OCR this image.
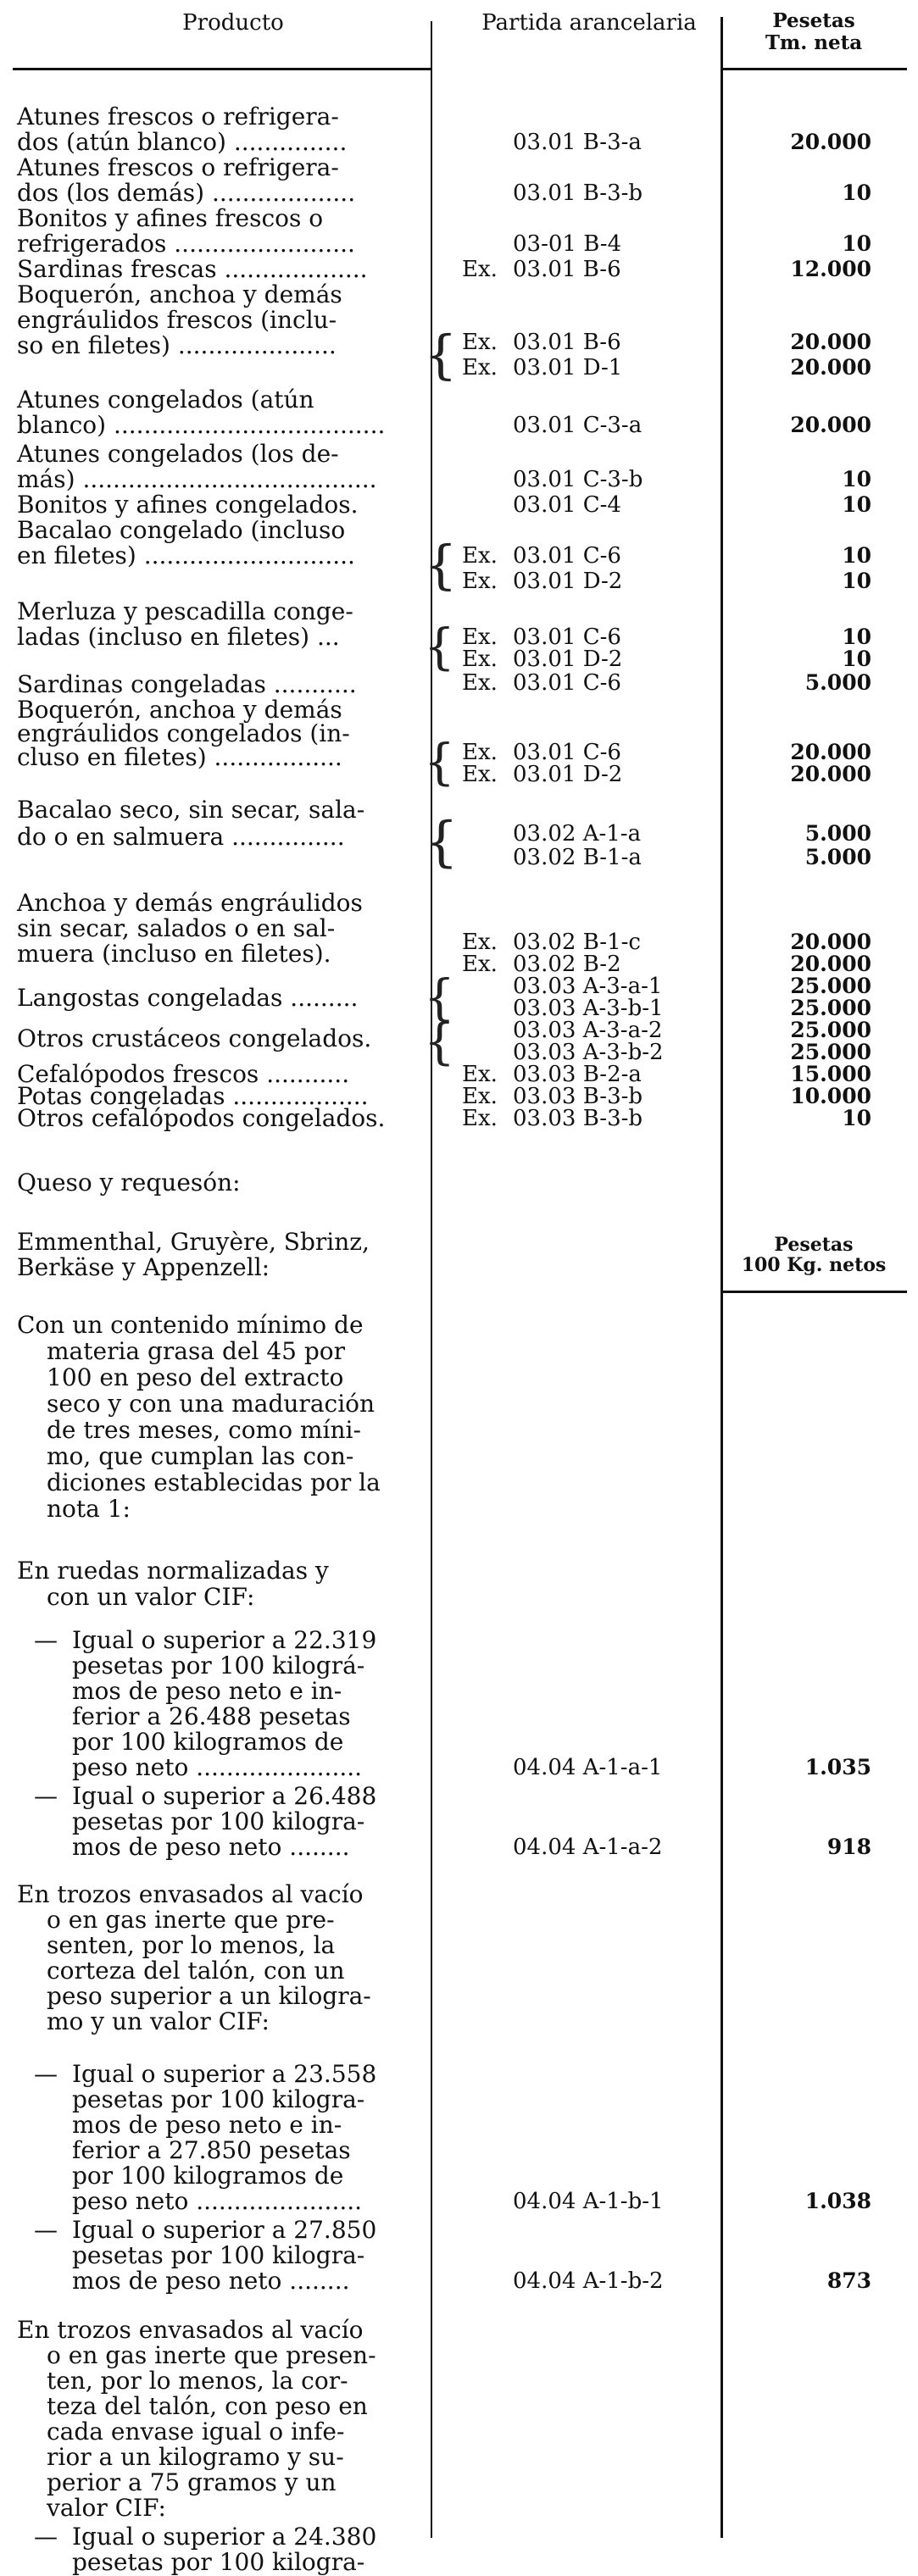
Producto	Partida arancelaria	Pesetas
Tm. neta
Atunes frescos o refrigera-
dos (atún blanco) ...............	03.01 B-3-a	20.000
Atunes frescos o refrigera-
dos (los demás) ...................	03.01 B-3-b	10
Bonitos y afines frescos o
refrigerados ........................	03-01 B-4	10
Sardinas frescas ...................	Ex. 03.01 B-6	12.000
Boquerón, anchoa y demás
engráulidos frescos (inclu-
so en filetes) .....................	Ex. 03.01 B-6	20.000
Ex. 03.01 D-1	20.000
{
Atunes congelados (atún
blanco) ....................................	03.01 C-3-a	20.000
Atunes congelados (los de-
más) .......................................	03.01 C-3-b	10
Bonitos y afines congelados.	03.01 C-4	10
Bacalao congelado (incluso
en filetes) ............................	Ex. 03.01 C-6	10
Ex. 03.01 D-2	10
{
Merluza y pescadilla conge-
ladas (incluso en filetes) ...	Ex. 03.01 C-6	10
Ex. 03.01 D-2	10
{
Sardinas congeladas ...........	Ex. 03.01 C-6	5.000
Boquerón, anchoa y demás
engráulidos congelados (in-
cluso en filetes) .................	Ex. 03.01 C-6	20.000
Ex. 03.01 D-2	20.000
{
Bacalao seco, sin secar, sala-
do o en salmuera ...............	03.02 A-1-a	5.000
03.02 B-1-a	5.000
{
Anchoa y demás engráulidos
sin secar, salados o en sal-
muera (incluso en filetes).	Ex. 03.02 B-1-c	20.000
Ex. 03.02 B-2	20.000
Langostas congeladas .........	03.03 A-3-a-1	25.000
03.03 A-3-b-1	25.000
{
Otros crustáceos congelados.	03.03 A-3-a-2	25.000
03.03 A-3-b-2	25.000
{
Cefalópodos frescos ...........	Ex. 03.03 B-2-a	15.000
Potas congeladas ..................	Ex. 03.03 B-3-b	10.000
Otros cefalópodos congelados.	Ex. 03.03 B-3-b	10
Queso y requesón:
Emmenthal, Gruyère, Sbrinz,
Berkäse y Appenzell:
Pesetas
100 Kg. netos
Con un contenido mínimo de
materia grasa del 45 por
100 en peso del extracto
seco y con una maduración
de tres meses, como míni-
mo, que cumplan las con-
diciones establecidas por la
nota 1:
En ruedas normalizadas y
con un valor CIF:
— Igual o superior a 22.319
pesetas por 100 kilográ-
mos de peso neto e in-
ferior a 26.488 pesetas
por 100 kilogramos de
peso neto ......................	04.04 A-1-a-1	1.035
— Igual o superior a 26.488
pesetas por 100 kilogra-
mos de peso neto ........	04.04 A-1-a-2	918
En trozos envasados al vacío
o en gas inerte que pre-
senten, por lo menos, la
corteza del talón, con un
peso superior a un kilogra-
mo y un valor CIF:
— Igual o superior a 23.558
pesetas por 100 kilogra-
mos de peso neto e in-
ferior a 27.850 pesetas
por 100 kilogramos de
peso neto ......................	04.04 A-1-b-1	1.038
— Igual o superior a 27.850
pesetas por 100 kilogra-
mos de peso neto ........	04.04 A-1-b-2	873
En trozos envasados al vacío
o en gas inerte que presen-
ten, por lo menos, la cor-
teza del talón, con peso en
cada envase igual o infe-
rior a un kilogramo y su-
perior a 75 gramos y un
valor CIF:
— Igual o superior a 24.380
pesetas por 100 kilogra-
